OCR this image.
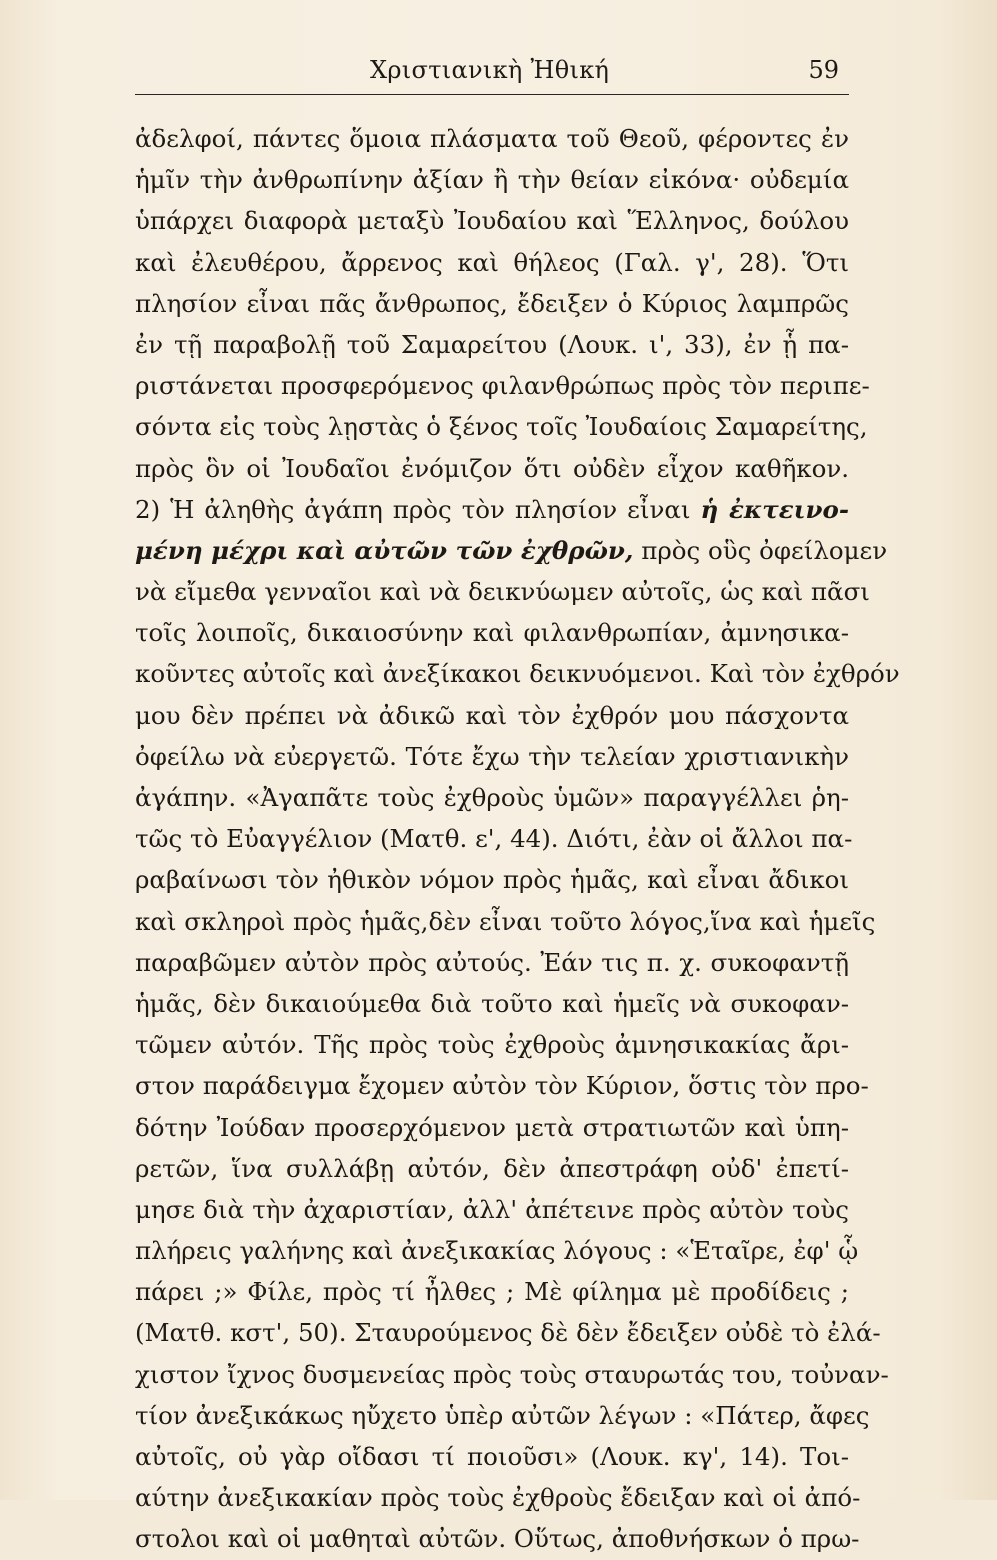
Χριστιανικὴ Ἠθική	59
ἀδελφοί, πάντες ὅμοια πλάσματα τοῦ Θεοῦ, φέροντες ἐν
ἡμῖν τὴν ἀνθρωπίνην ἀξίαν ἢ τὴν θείαν εἰκόνα· οὐδεμία
ὑπάρχει διαφορὰ μεταξὺ Ἰουδαίου καὶ Ἕλληνος, δούλου
καὶ ἐλευθέρου, ἄρρενος καὶ θήλεος (Γαλ. γ', 28). Ὅτι
πλησίον εἶναι πᾶς ἄνθρωπος, ἔδειξεν ὁ Κύριος λαμπρῶς
ἐν τῇ παραβολῇ τοῦ Σαμαρείτου (Λουκ. ι', 33), ἐν ᾗ πα-
ριστάνεται προσφερόμενος φιλανθρώπως πρὸς τὸν περιπε-
σόντα εἰς τοὺς λῃστὰς ὁ ξένος τοῖς Ἰουδαίοις Σαμαρείτης,
πρὸς ὃν οἱ Ἰουδαῖοι ἐνόμιζον ὅτι οὐδὲν εἶχον καθῆκον.
2) Ἡ ἀληθὴς ἀγάπη πρὸς τὸν πλησίον εἶναι ἡ ἐκτεινο-
μένη μέχρι καὶ αὐτῶν τῶν ἐχθρῶν, πρὸς οὓς ὀφείλομεν
νὰ εἴμεθα γενναῖοι καὶ νὰ δεικνύωμεν αὐτοῖς, ὡς καὶ πᾶσι
τοῖς λοιποῖς, δικαιοσύνην καὶ φιλανθρωπίαν, ἀμνησικα-
κοῦντες αὐτοῖς καὶ ἀνεξίκακοι δεικνυόμενοι. Καὶ τὸν ἐχθρόν
μου δὲν πρέπει νὰ ἀδικῶ καὶ τὸν ἐχθρόν μου πάσχοντα
ὀφείλω νὰ εὐεργετῶ. Τότε ἔχω τὴν τελείαν χριστιανικὴν
ἀγάπην. «Ἀγαπᾶτε τοὺς ἐχθροὺς ὑμῶν» παραγγέλλει ῥη-
τῶς τὸ Εὐαγγέλιον (Ματθ. ε', 44). Διότι, ἐὰν οἱ ἄλλοι πα-
ραβαίνωσι τὸν ἠθικὸν νόμον πρὸς ἡμᾶς, καὶ εἶναι ἄδικοι
καὶ σκληροὶ πρὸς ἡμᾶς,δὲν εἶναι τοῦτο λόγος,ἵνα καὶ ἡμεῖς
παραβῶμεν αὐτὸν πρὸς αὐτούς. Ἐάν τις π. χ. συκοφαντῇ
ἡμᾶς, δὲν δικαιούμεθα διὰ τοῦτο καὶ ἡμεῖς νὰ συκοφαν-
τῶμεν αὐτόν. Τῆς πρὸς τοὺς ἐχθροὺς ἀμνησικακίας ἄρι-
στον παράδειγμα ἔχομεν αὐτὸν τὸν Κύριον, ὅστις τὸν προ-
δότην Ἰούδαν προσερχόμενον μετὰ στρατιωτῶν καὶ ὑπη-
ρετῶν, ἵνα συλλάβῃ αὐτόν, δὲν ἀπεστράφη οὐδ' ἐπετί-
μησε διὰ τὴν ἀχαριστίαν, ἀλλ' ἀπέτεινε πρὸς αὐτὸν τοὺς
πλήρεις γαλήνης καὶ ἀνεξικακίας λόγους : «Ἑταῖρε, ἐφ' ᾧ
πάρει ;» Φίλε, πρὸς τί ἦλθες ; Μὲ φίλημα μὲ προδίδεις ;
(Ματθ. κστ', 50). Σταυρούμενος δὲ δὲν ἔδειξεν οὐδὲ τὸ ἐλά-
χιστον ἴχνος δυσμενείας πρὸς τοὺς σταυρωτάς του, τοὐναν-
τίον ἀνεξικάκως ηὔχετο ὑπὲρ αὐτῶν λέγων : «Πάτερ, ἄφες
αὐτοῖς, οὐ γὰρ οἴδασι τί ποιοῦσι» (Λουκ. κγ', 14). Τοι-
αύτην ἀνεξικακίαν πρὸς τοὺς ἐχθροὺς ἔδειξαν καὶ οἱ ἀπό-
στολοι καὶ οἱ μαθηταὶ αὐτῶν. Οὕτως, ἀποθνήσκων ὁ πρω-
